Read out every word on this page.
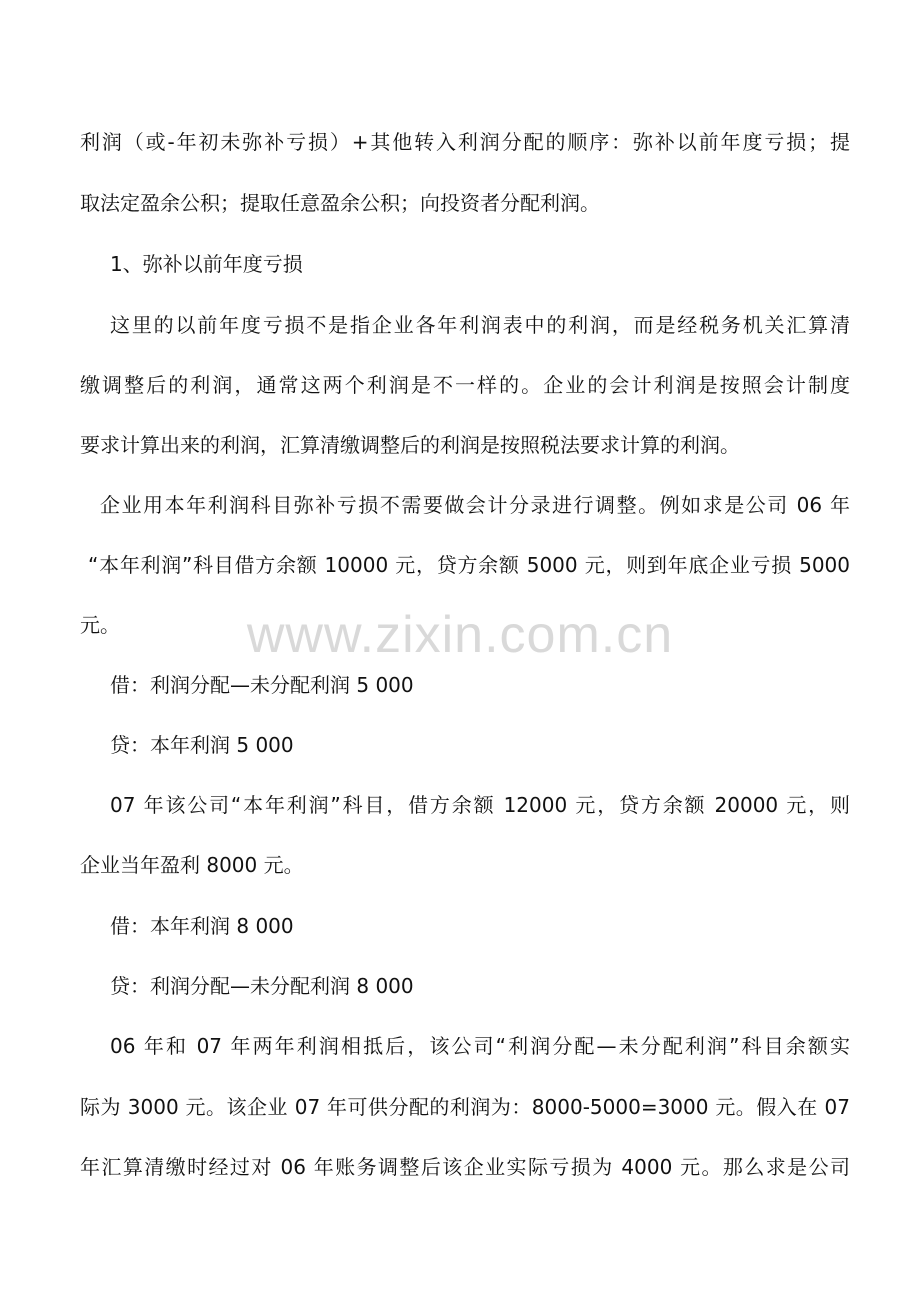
利润（或-年初未弥补亏损）+其他转入利润分配的顺序：弥补以前年度亏损；提
取法定盈余公积；提取任意盈余公积；向投资者分配利润。
1、弥补以前年度亏损
这里的以前年度亏损不是指企业各年利润表中的利润，而是经税务机关汇算清
缴调整后的利润，通常这两个利润是不一样的。企业的会计利润是按照会计制度
要求计算出来的利润，汇算清缴调整后的利润是按照税法要求计算的利润。
企业用本年利润科目弥补亏损不需要做会计分录进行调整。例如求是公司 06 年
“本年利润”科目借方余额 10000 元，贷方余额 5000 元，则到年底企业亏损 5000
元。
借：利润分配—未分配利润 5 000
贷：本年利润 5 000
07 年该公司“本年利润”科目，借方余额 12000 元，贷方余额 20000 元，则
企业当年盈利 8000 元。
借：本年利润 8 000
贷：利润分配—未分配利润 8 000
06 年和 07 年两年利润相抵后，该公司“利润分配—未分配利润”科目余额实
际为 3000 元。该企业 07 年可供分配的利润为：8000-5000=3000 元。假入在 07
年汇算清缴时经过对 06 年账务调整后该企业实际亏损为 4000 元。那么求是公司
www.zixin.com.cn
